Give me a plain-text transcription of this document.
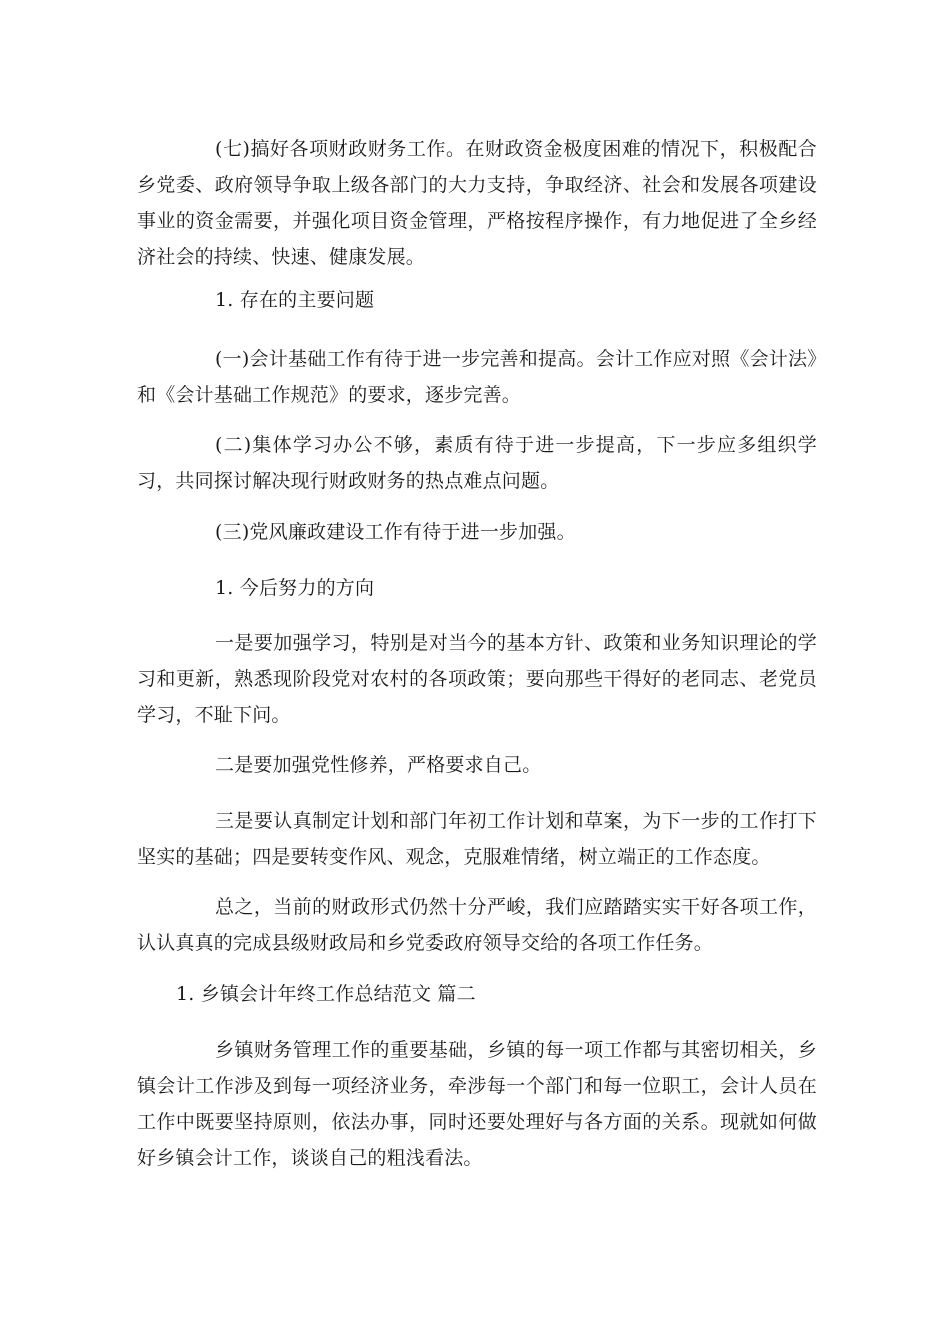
(七)搞好各项财政财务工作。在财政资金极度困难的情况下，积极配合乡党委、政府领导争取上级各部门的大力支持，争取经济、社会和发展各项建设事业的资金需要，并强化项目资金管理，严格按程序操作，有力地促进了全乡经济社会的持续、快速、健康发展。

1. 存在的主要问题

(一)会计基础工作有待于进一步完善和提高。会计工作应对照《会计法》和《会计基础工作规范》的要求，逐步完善。

(二)集体学习办公不够，素质有待于进一步提高，下一步应多组织学习，共同探讨解决现行财政财务的热点难点问题。

(三)党风廉政建设工作有待于进一步加强。

1. 今后努力的方向

一是要加强学习，特别是对当今的基本方针、政策和业务知识理论的学习和更新，熟悉现阶段党对农村的各项政策；要向那些干得好的老同志、老党员学习，不耻下问。

二是要加强党性修养，严格要求自己。

三是要认真制定计划和部门年初工作计划和草案，为下一步的工作打下坚实的基础；四是要转变作风、观念，克服难情绪，树立端正的工作态度。

总之，当前的财政形式仍然十分严峻，我们应踏踏实实干好各项工作，认认真真的完成县级财政局和乡党委政府领导交给的各项工作任务。

1. 乡镇会计年终工作总结范文 篇二

乡镇财务管理工作的重要基础，乡镇的每一项工作都与其密切相关，乡镇会计工作涉及到每一项经济业务，牵涉每一个部门和每一位职工，会计人员在工作中既要坚持原则，依法办事，同时还要处理好与各方面的关系。现就如何做好乡镇会计工作，谈谈自己的粗浅看法。
